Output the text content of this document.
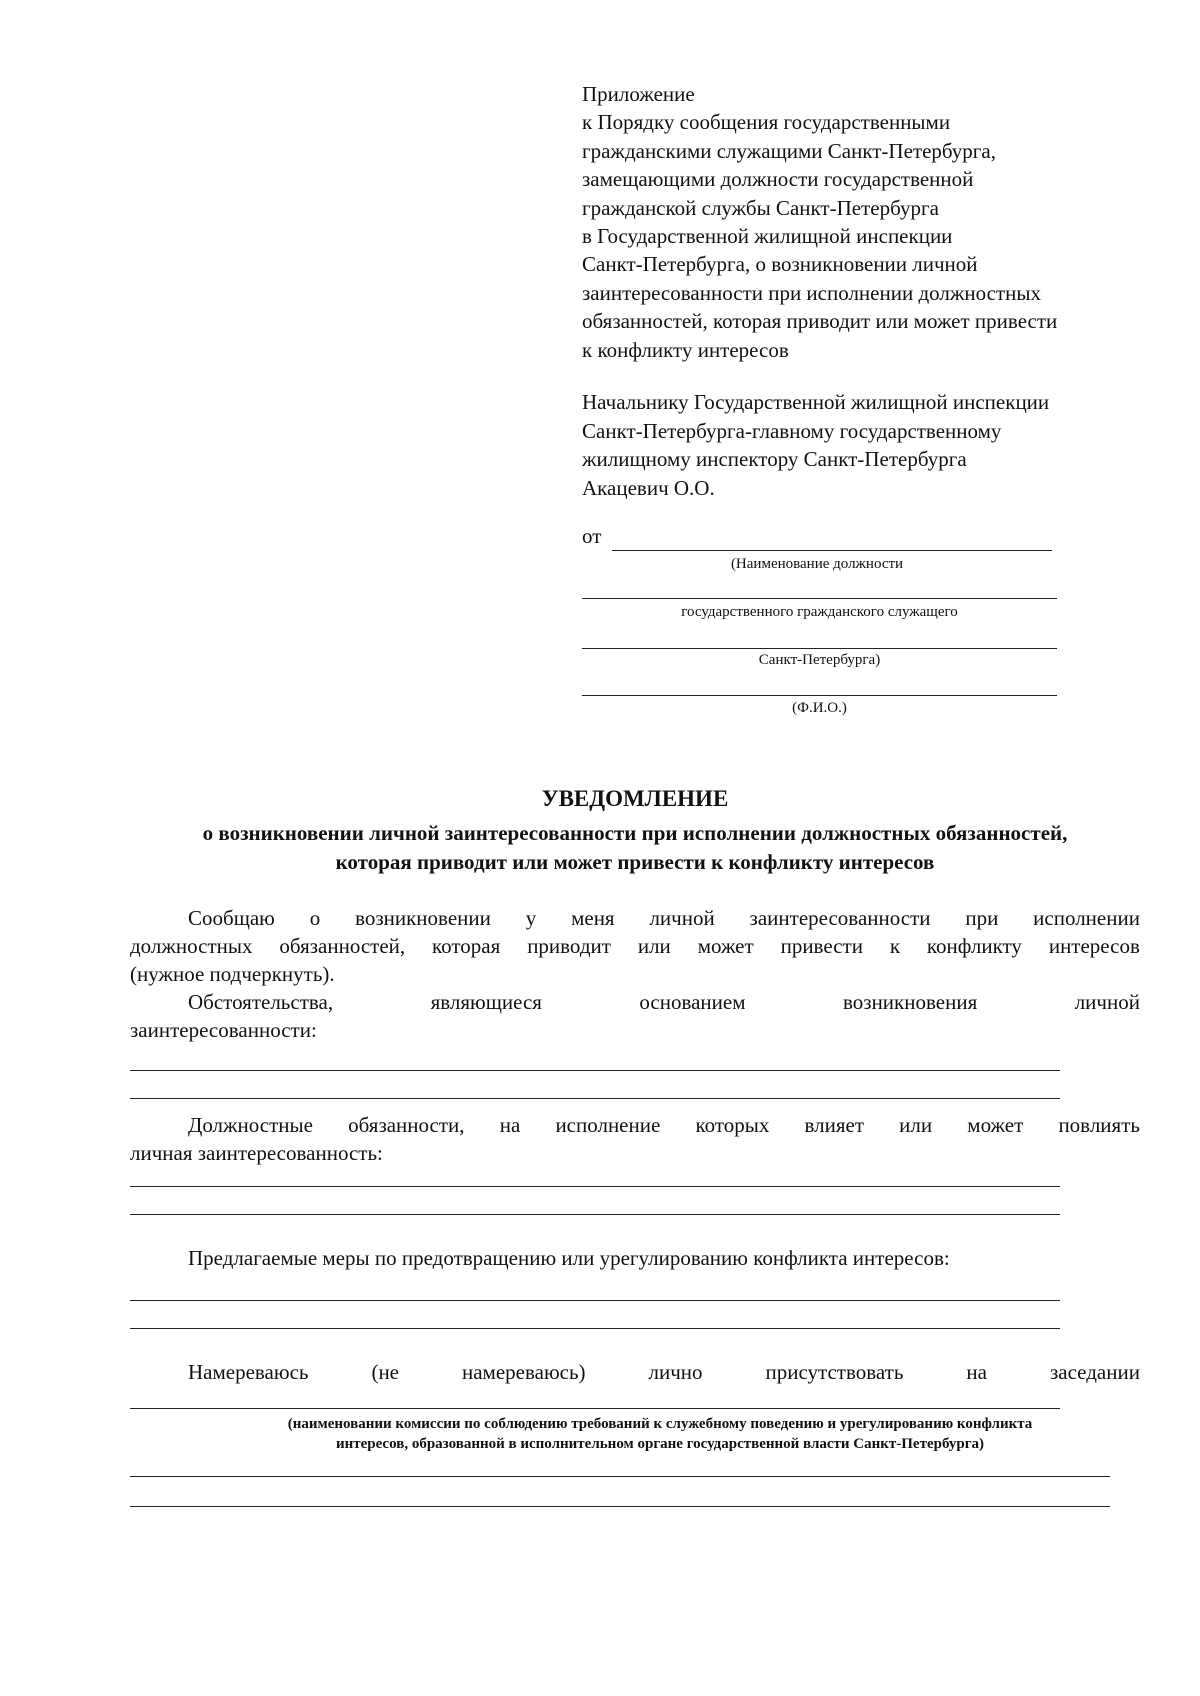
Приложение
к Порядку сообщения государственными
гражданскими служащими Санкт-Петербурга,
замещающими должности государственной
гражданской службы Санкт-Петербурга
в Государственной жилищной инспекции
Санкт-Петербурга, о возникновении личной
заинтересованности при исполнении должностных
обязанностей, которая приводит или может привести
к конфликту интересов
Начальнику Государственной жилищной инспекции
Санкт-Петербурга-главному государственному
жилищному инспектору Санкт-Петербурга
Акацевич О.О.
от
(Наименование должности
государственного гражданского служащего
Санкт-Петербурга)
(Ф.И.О.)
УВЕДОМЛЕНИЕ
о возникновении личной заинтересованности при исполнении должностных обязанностей,
которая приводит или может привести к конфликту интересов
Сообщаю о возникновении у меня личной заинтересованности при исполнении
должностных обязанностей, которая приводит или может привести к конфликту интересов
(нужное подчеркнуть).
Обстоятельства,	являющиеся	основанием	возникновения	личной
заинтересованности:
Должностные обязанности, на исполнение которых влияет или может повлиять
личная заинтересованность:
Предлагаемые меры по предотвращению или урегулированию конфликта интересов:
Намереваюсь	(не	намереваюсь)	лично	присутствовать	на	заседании
(наименовании комиссии по соблюдению требований к служебному поведению и урегулированию конфликта
интересов, образованной в исполнительном органе государственной власти Санкт-Петербурга)
